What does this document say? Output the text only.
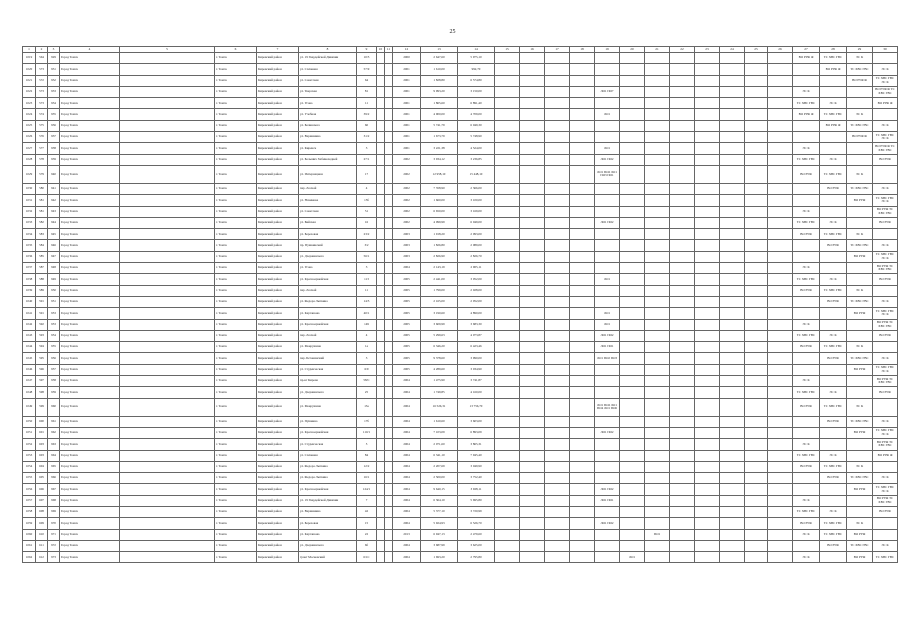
25
1	2	3	4	5	6	7	8	9	10	11	12	13	14	15	16	17	18	19	20	21	22	23	24	25	26	27	28	29	30
1019	564	929	Город Томск		г. Томск	Кировский район	ул. 19 Гвардейской Дивизии	10/5			2000	2 647,60	5 975,10													ВО РУФ Ф	ТС ХВС ГВС	ЭС К	
1020	573	931	Город Томск		г. Томск	Кировский район	ул. Сплавная	57/9			2001	1 610,00	992,70														ВО РУФ Ф	ТС ХВС ГВС	ЭС К
1021	572	932	Город Томск		г. Томск	Кировский район	ул. Советская	64			2001	1 828,80	6 574,80															ВО РУФ Ф	ТС ХВС ГВС ЭС К
1022	573	933	Город Томск		г. Томск	Кировский район	ул. Тверская	81			2001	9 993,20	3 150,00					ЛО1 ПО7								ЭС К			ВО РУФ Ф ТС ХВС ГВС
1023	573	934	Город Томск		г. Томск	Кировский район	ул. Усова	11			2001	1 865,60	6 891,40													ТС ХВС ГВС	ЭС К		ВО РУФ Ф
1024	574	935	Город Томск		г. Томск	Кировский район	ул. Учебная	39/2			2001	4 900,00	4 709,00					ЛО1								ВО РУФ Ф	ТС ХВС ГВС	ЭС К	
1025	575	936	Город Томск		г. Томск	Кировский район	ул. Белинского	60			2001	5 741,79	6 049,30														ВО РУФ Ф	ТС ХВС ГВС	ЭС К
1026	576	937	Город Томск		г. Томск	Кировский район	ул. Вершинина	31/2			2001	1 673,79	5 748,90															ВО РУФ Ф	ТС ХВС ГВС ЭС К
1027	577	938	Город Томск		г. Томск	Кировский район	ул. Киренск	3			2001	3 221,38	4 524,00					ЛО1								ЭС К			ВО РУФ Ф ТС ХВС ГВС
1028	578	939	Город Томск		г. Томск	Кировский район	ул. Больших Хабиноходней	27/1			2002	3 934,12	3 236,85					ЛО1 ПО2								ТС ХВС ГВС	ЭС К		ВО РУФ
1029	579	940	Город Томск		г. Томск	Кировский район	ул. Интернацион	17			2002	12 958,10	15 448,10					ЛО1 ПО2 ЛО1 ПО3 ПО1								ВО РУФ	ТС ХВС ГВС	ЭС К	
1030	580	941	Город Томск		г. Томск	Кировский район	пер. Лесной	4			2002	7 358,90	2 366,00														ВО РУФ	ТС ХВС ГВС	ЭС К
1031	581	942	Город Томск		г. Томск	Кировский район	ул. Нахимова	15б			2002	1 660,00	3 100,00															ВО РУФ	ТС ХВС ГВС ЭС К
1032	581	943	Город Томск		г. Томск	Кировский район	ул. Советская	51			2002	6 650,00	3 169,00													ЭС К			ВО РУФ ТС ХВС ГВС
1033	582	944	Город Томск		г. Томск	Кировский район	ул. Бийская	16			2002	4 099,99	6 049,00					ЛО1 ПО2								ТС ХВС ГВС	ЭС К		ВО РУФ
1034	583	945	Город Томск		г. Томск	Кировский район	ул. Березовая	23/2			2003	1 918,20	2 093,00													ВО РУФ	ТС ХВС ГВС	ЭС К	
1035	584	946	Город Томск		г. Томск	Кировский район	пр. Пушкинский	3/2			2003	1 826,80	2 089,00														ВО РУФ	ТС ХВС ГВС	ЭС К
1036	585	947	Город Томск		г. Томск	Кировский район	ул. Дзержинского	56/1			2003	2 826,90	2 826,70															ВО РУФ	ТС ХВС ГВС ЭС К
1037	587	948	Город Томск		г. Томск	Кировский район	ул. Усова	3			2004	2 143,19	2 905,11													ЭС К			ВО РУФ ТС ХВС ГВС
1038	588	949	Город Томск		г. Томск	Кировский район	ул. Красноармейская	113			2005	2 441,00	3 052,00					ЛО1								ТС ХВС ГВС	ЭС К		ВО РУФ
1039	589	950	Город Томск		г. Томск	Кировский район	пер. Лесной	11			2005	1 799,00	2 028,00													ВО РУФ	ТС ХВС ГВС	ЭС К	
1040	591	951	Город Томск		г. Томск	Кировский район	ул. Федора Лыткина	14/5			2005	2 165,00	2 052,00														ВО РУФ	ТС ХВС ГВС	ЭС К
1041	591	953	Город Томск		г. Томск	Кировский район	ул. Карташова	40/1			2005	3 190,60	4 890,00					ЛО1										ВО РУФ	ТС ХВС ГВС ЭС К
1042	592	953	Город Томск		г. Томск	Кировский район	ул. Красноармейская	149			2005	3 609,99	3 683,30					ЛО1								ЭС К			ВО РУФ ТС ХВС ГВС
1043	593	954	Город Томск		г. Томск	Кировский район	пер. Лесной	4			2005	5 299,63	4 073,87					ЛО1 ПО2								ТС ХВС ГВС	ЭС К		ВО РУФ
1044	594	955	Город Томск		г. Томск	Кировский район	ул. Мокрушина	1а			2005	6 346,20	6 423,46					ЛО1 ПО1								ВО РУФ	ТС ХВС ГВС	ЭС К	
1045	595	956	Город Томск		г. Томск	Кировский район	пер. Бетонинский	3			2005	9 378,60	3 990,00					ЛО1 ПО2 ПО3									ВО РУФ	ТС ХВС ГВС	ЭС К
1046	596	957	Город Томск		г. Томск	Кировский район	ул. Студенческая	6/9			2005	4 289,60	3 034,90															ВО РУФ	ТС ХВС ГВС ЭС К
1047	597	958	Город Томск		г. Томск	Кировский район	пр-кт Кирова	58/С			2004	1 475,90	3 741,87													ЭС К			ВО РУФ ТС ХВС ГВС
1048	598	959	Город Томск		г. Томск	Кировский район	ул. Дзержинского	25			2004	1 749,85	4 160,00													ТС ХВС ГВС	ЭС К		ВО РУФ
1049	599	960	Город Томск		г. Томск	Кировский район	ул. Мокрушина	13а			2004	16 526,31	13 756,70					ЛО1 ПО2 ЛО1 ПО4 ЛО1 ПО6								ВО РУФ	ТС ХВС ГВС	ЭС К	
1050	600	961	Город Томск		г. Томск	Кировский район	ул. Пушкина	17б			2004	1 610,60	3 603,00														ВО РУФ	ТС ХВС ГВС	ЭС К
1051	601	962	Город Томск		г. Томск	Кировский район	ул. Красноармейская	110/1			2004	7 103,09	6 893,09					ЛО1 ПО2										ВО РУФ	ТС ХВС ГВС ЭС К
1052	603	963	Город Томск		г. Томск	Кировский район	ул. Студенческая	5			2004	2 071,60	3 865,31													ЭС К			ВО РУФ ТС ХВС ГВС
1053	603	964	Город Томск		г. Томск	Кировский район	ул. Сплавная	84			2004	6 341,10	7 945,40													ТС ХВС ГВС	ЭС К		ВО РУФ Ф
1054	604	965	Город Томск		г. Томск	Кировский район	ул. Федора Лыткина	12/2			2004	2 207,69	3 049,90													ВО РУФ	ТС ХВС ГВС	ЭС К	
1055	605	966	Город Томск		г. Томск	Кировский район	ул. Федора Лыткина	16/1			2004	2 500,00	3 752,40														ВО РУФ	ТС ХВС ГВС	ЭС К
1056	606	967	Город Томск		г. Томск	Кировский район	ул. Красноармейская	124/1			2004	9 640,15	3 928,11					ЛО1 ПО2										ВО РУФ	ТС ХВС ГВС ЭС К
1057	607	968	Город Томск		г. Томск	Кировский район	ул. 19 Гвардейской Дивизии	7			2004	6 364,10	5 695,80					ЛО1 ПО1								ЭС К			ВО РУФ ТС ХВС ГВС
1058	608	969	Город Томск		г. Томск	Кировский район	ул. Вершинина	42			2004	5 377,10	3 720,99													ТС ХВС ГВС	ЭС К		ВО РУФ
1059	609	970	Город Томск		г. Томск	Кировский район	ул. Березовая	15			2004	5 924,93	6 526,70					ЛО1 ПО2								ВО РУФ	ТС ХВС ГВС	ЭС К	
1060	610	971	Город Томск		г. Томск	Кировский район	ул. Карташова	22			2013	6 947,13	2 479,60							ПО1						ЭС К	ТС ХВС ГВС	ВО РУФ	
1061	611	972	Город Томск		г. Томск	Кировский район	ул. Дзержинского	6б			2004	3 687,99	3 625,00														ВО РУФ	ТС ХВС ГВС	ЭС К
1062	612	973	Город Томск		г. Томск	Кировский район	тракт Московский	6/1С			2004	1 693,20	2 795,80						ЛО1							ЭС К		ВО РУФ	ТС ХВС ГВС
